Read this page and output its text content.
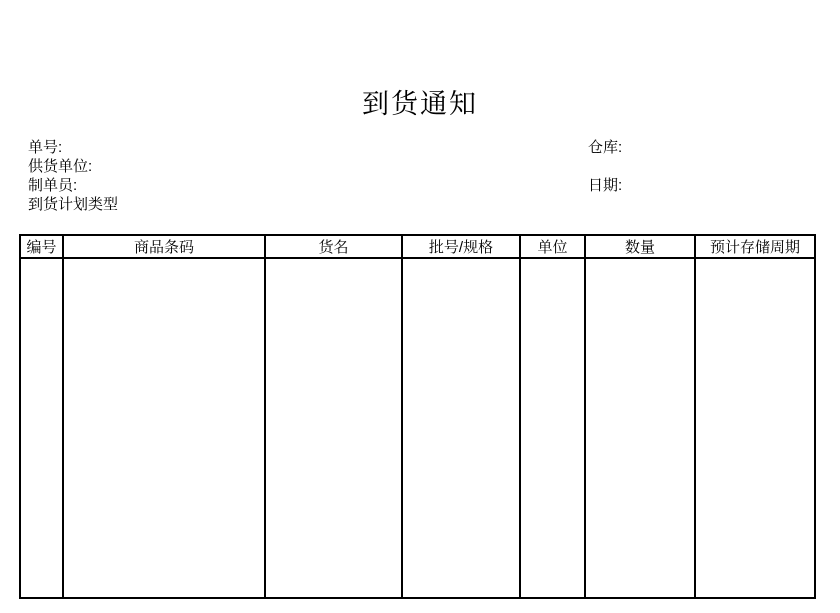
到货通知
单号:	仓库:
供货单位:
制单员:	日期:
到货计划类型
编号	商品条码	货名	批号/规格	单位	数量	预计存储周期
